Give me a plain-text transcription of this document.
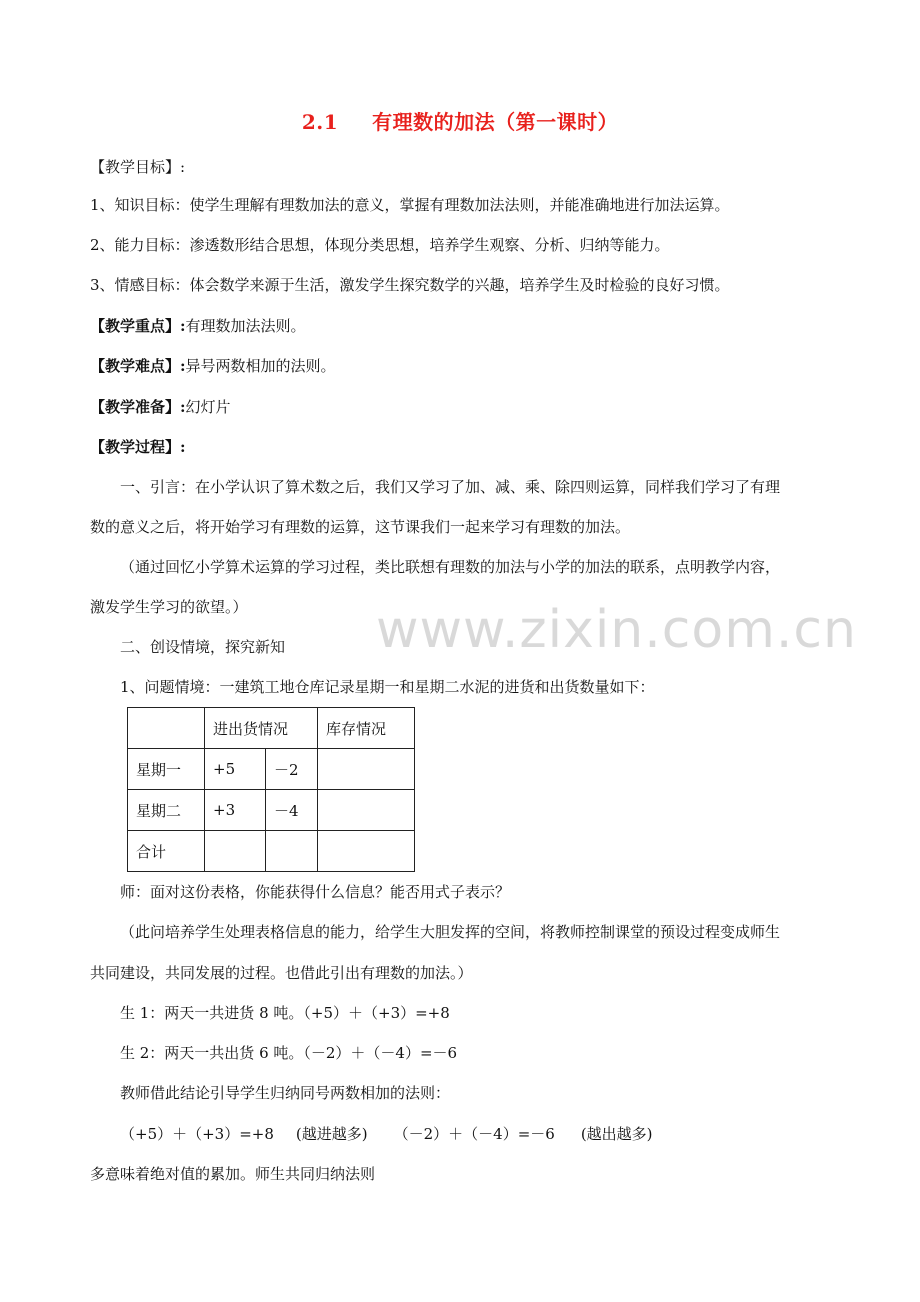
2.1 有理数的加法（第一课时）
【教学目标】:
1、知识目标：使学生理解有理数加法的意义，掌握有理数加法法则，并能准确地进行加法运算。
2、能力目标：渗透数形结合思想，体现分类思想，培养学生观察、分析、归纳等能力。
3、情感目标：体会数学来源于生活，激发学生探究数学的兴趣，培养学生及时检验的良好习惯。
【教学重点】:有理数加法法则。
【教学难点】:异号两数相加的法则。
【教学准备】:幻灯片
【教学过程】:
一、引言：在小学认识了算术数之后，我们又学习了加、减、乘、除四则运算，同样我们学习了有理
数的意义之后，将开始学习有理数的运算，这节课我们一起来学习有理数的加法。
（通过回忆小学算术运算的学习过程，类比联想有理数的加法与小学的加法的联系，点明教学内容，
激发学生学习的欲望。）	www.zixin.com.cn
二、创设情境，探究新知
1、问题情境：一建筑工地仓库记录星期一和星期二水泥的进货和出货数量如下：
	进出货情况		库存情况
星期一	+5	－2	
星期二	+3	－4	
合计			
师：面对这份表格，你能获得什么信息？能否用式子表示？
（此问培养学生处理表格信息的能力，给学生大胆发挥的空间，将教师控制课堂的预设过程变成师生
共同建设，共同发展的过程。也借此引出有理数的加法。）
生 1：两天一共进货 8 吨。（+5）＋（+3）=+8
生 2：两天一共出货 6 吨。（－2）＋（－4）=－6
教师借此结论引导学生归纳同号两数相加的法则：
（+5）＋（+3）=+8 (越进越多) （－2）＋（－4）=－6 (越出越多)
多意味着绝对值的累加。师生共同归纳法则
